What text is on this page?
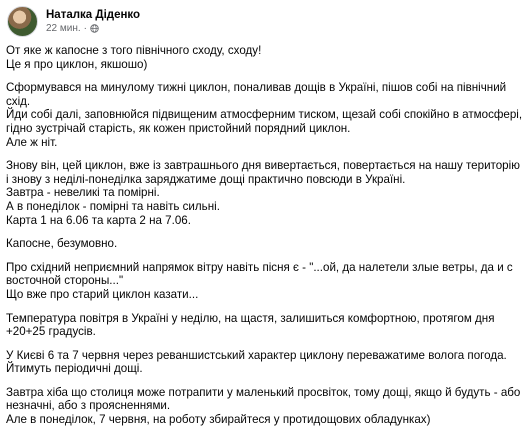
Наталка Діденко
22 мин. ·

От яке ж капосне з того північного сходу, сходу!
Це я про циклон, якшошо)

Сформувався на минулому тижні циклон, поналивав дощів в Україні, пішов собі на північний схід.
Йди собі далі, заповнюйся підвищеним атмосферним тиском, щезай собі спокійно в атмосфері, гідно зустрічай старість, як кожен пристойний порядний циклон.
Але ж ніт.

Знову він, цей циклон, вже із завтрашнього дня вивертається, повертається на нашу територію і знову з неділі-понеділка заряджатиме дощі практично повсюди в Україні.
Завтра - невеликі та помірні.
А в понеділок - помірні та навіть сильні.
Карта 1 на 6.06 та карта 2 на 7.06.

Капосне, безумовно.

Про східний неприємний напрямок вітру навіть пісня є - "...ой, да налетели злые ветры, да и с восточной стороны..."
Що вже про старий циклон казати...

Температура повітря в Україні у неділю, на щастя, залишиться комфортною, протягом дня +20+25 градусів.

У Києві 6 та 7 червня через реваншистський характер циклону переважатиме волога погода.
Йтимуть періодичні дощі.

Завтра хіба що столиця може потрапити у маленький просвіток, тому дощі, якщо й будуть - або незначні, або з проясненнями.
Але в понеділок, 7 червня, на роботу збирайтеся у протидощових обладунках)
